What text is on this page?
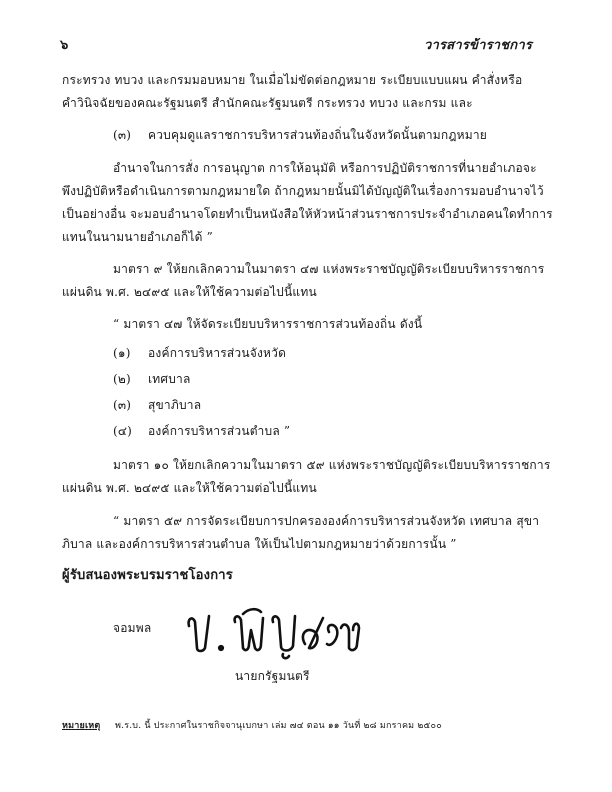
๖	วารสารข้าราชการ
กระทรวง ทบวง และกรมมอบหมาย ในเมื่อไม่ขัดต่อกฎหมาย ระเบียบแบบแผน คำสั่งหรือ
คำวินิจฉัยของคณะรัฐมนตรี สำนักคณะรัฐมนตรี กระทรวง ทบวง และกรม และ
(๓) ควบคุมดูแลราชการบริหารส่วนท้องถิ่นในจังหวัดนั้นตามกฎหมาย
อำนาจในการสั่ง การอนุญาต การให้อนุมัติ หรือการปฏิบัติราชการที่นายอำเภอจะ
พึงปฏิบัติหรือดำเนินการตามกฎหมายใด ถ้ากฎหมายนั้นมิได้บัญญัติในเรื่องการมอบอำนาจไว้
เป็นอย่างอื่น จะมอบอำนาจโดยทำเป็นหนังสือให้หัวหน้าส่วนราชการประจำอำเภอคนใดทำการ
แทนในนามนายอำเภอก็ได้ ”
มาตรา ๙ ให้ยกเลิกความในมาตรา ๔๗ แห่งพระราชบัญญัติระเบียบบริหารราชการ
แผ่นดิน พ.ศ. ๒๔๙๕ และให้ใช้ความต่อไปนี้แทน
“ มาตรา ๔๗ ให้จัดระเบียบบริหารราชการส่วนท้องถิ่น ดังนี้
(๑) องค์การบริหารส่วนจังหวัด
(๒) เทศบาล
(๓) สุขาภิบาล
(๔) องค์การบริหารส่วนตำบล ”
มาตรา ๑๐ ให้ยกเลิกความในมาตรา ๕๙ แห่งพระราชบัญญัติระเบียบบริหารราชการ
แผ่นดิน พ.ศ. ๒๔๙๕ และให้ใช้ความต่อไปนี้แทน
“ มาตรา ๕๙ การจัดระเบียบการปกครององค์การบริหารส่วนจังหวัด เทศบาล สุขา
ภิบาล และองค์การบริหารส่วนตำบล ให้เป็นไปตามกฎหมายว่าด้วยการนั้น ”
ผู้รับสนองพระบรมราชโองการ
จอมพล
นายกรัฐมนตรี
หมายเหตุ พ.ร.บ. นี้ ประกาศในราชกิจจานุเบกษา เล่ม ๗๔ ตอน ๑๑ วันที่ ๒๘ มกราคม ๒๕๐๐
